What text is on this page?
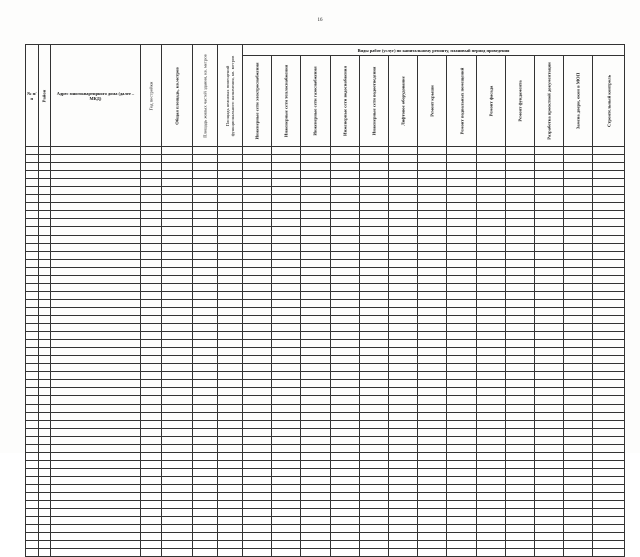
16
№ п/п	Район	Адрес многоквартирного дома (далее – МКД)	Год постройки	Общая площадь, кв.метров	Площадь жилых частей здания, кв. метров	Площадь нежилых помещений функционального назначения, кв. метров	Виды работ (услуг) по капитальному ремонту, плановый период проведения												

							Инженерные сети электроснабжения	Инженерные сети теплоснабжения	Инженерные сети газоснабжения	Инженерные сети водоснабжения	Инженерные сети водоотведения	Лифтовое оборудование	Ремонт крыши	Ремонт подвальных помещений	Ремонт фасада	Ремонт фундамента	Разработка проектной документации	Замена двери, окон в МОП	Строительный контроль
